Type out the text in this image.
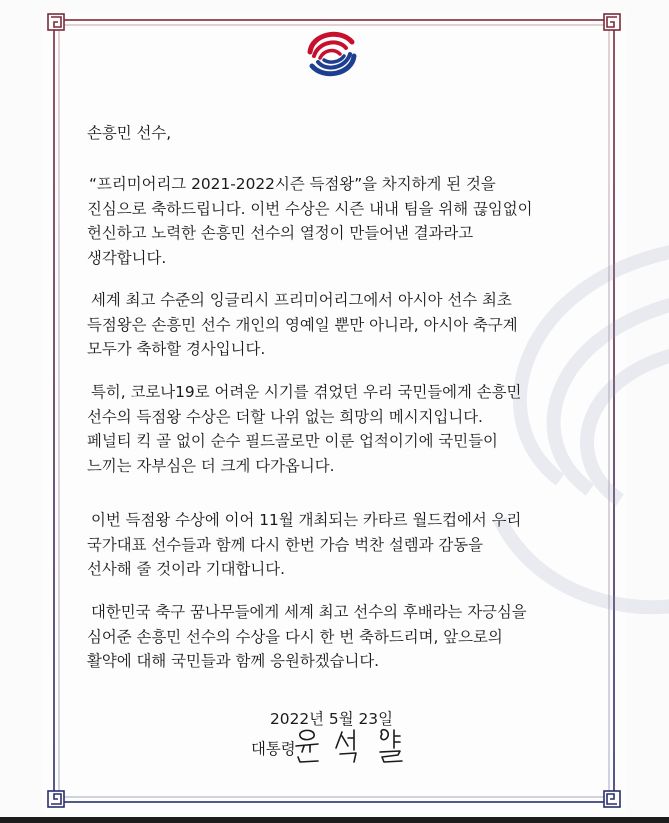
손흥민 선수,
“프리미어리그 2021-2022시즌 득점왕”을 차지하게 된 것을
진심으로 축하드립니다. 이번 수상은 시즌 내내 팀을 위해 끊임없이
헌신하고 노력한 손흥민 선수의 열정이 만들어낸 결과라고
생각합니다.
세계 최고 수준의 잉글리시 프리미어리그에서 아시아 선수 최초
득점왕은 손흥민 선수 개인의 영예일 뿐만 아니라, 아시아 축구계
모두가 축하할 경사입니다.
특히, 코로나19로 어려운 시기를 겪었던 우리 국민들에게 손흥민
선수의 득점왕 수상은 더할 나위 없는 희망의 메시지입니다.
페널티 킥 골 없이 순수 필드골로만 이룬 업적이기에 국민들이
느끼는 자부심은 더 크게 다가옵니다.
이번 득점왕 수상에 이어 11월 개최되는 카타르 월드컵에서 우리
국가대표 선수들과 함께 다시 한번 가슴 벅찬 설렘과 감동을
선사해 줄 것이라 기대합니다.
대한민국 축구 꿈나무들에게 세계 최고 선수의 후배라는 자긍심을
심어준 손흥민 선수의 수상을 다시 한 번 축하드리며, 앞으로의
활약에 대해 국민들과 함께 응원하겠습니다.
2022년 5월 23일
대통령
